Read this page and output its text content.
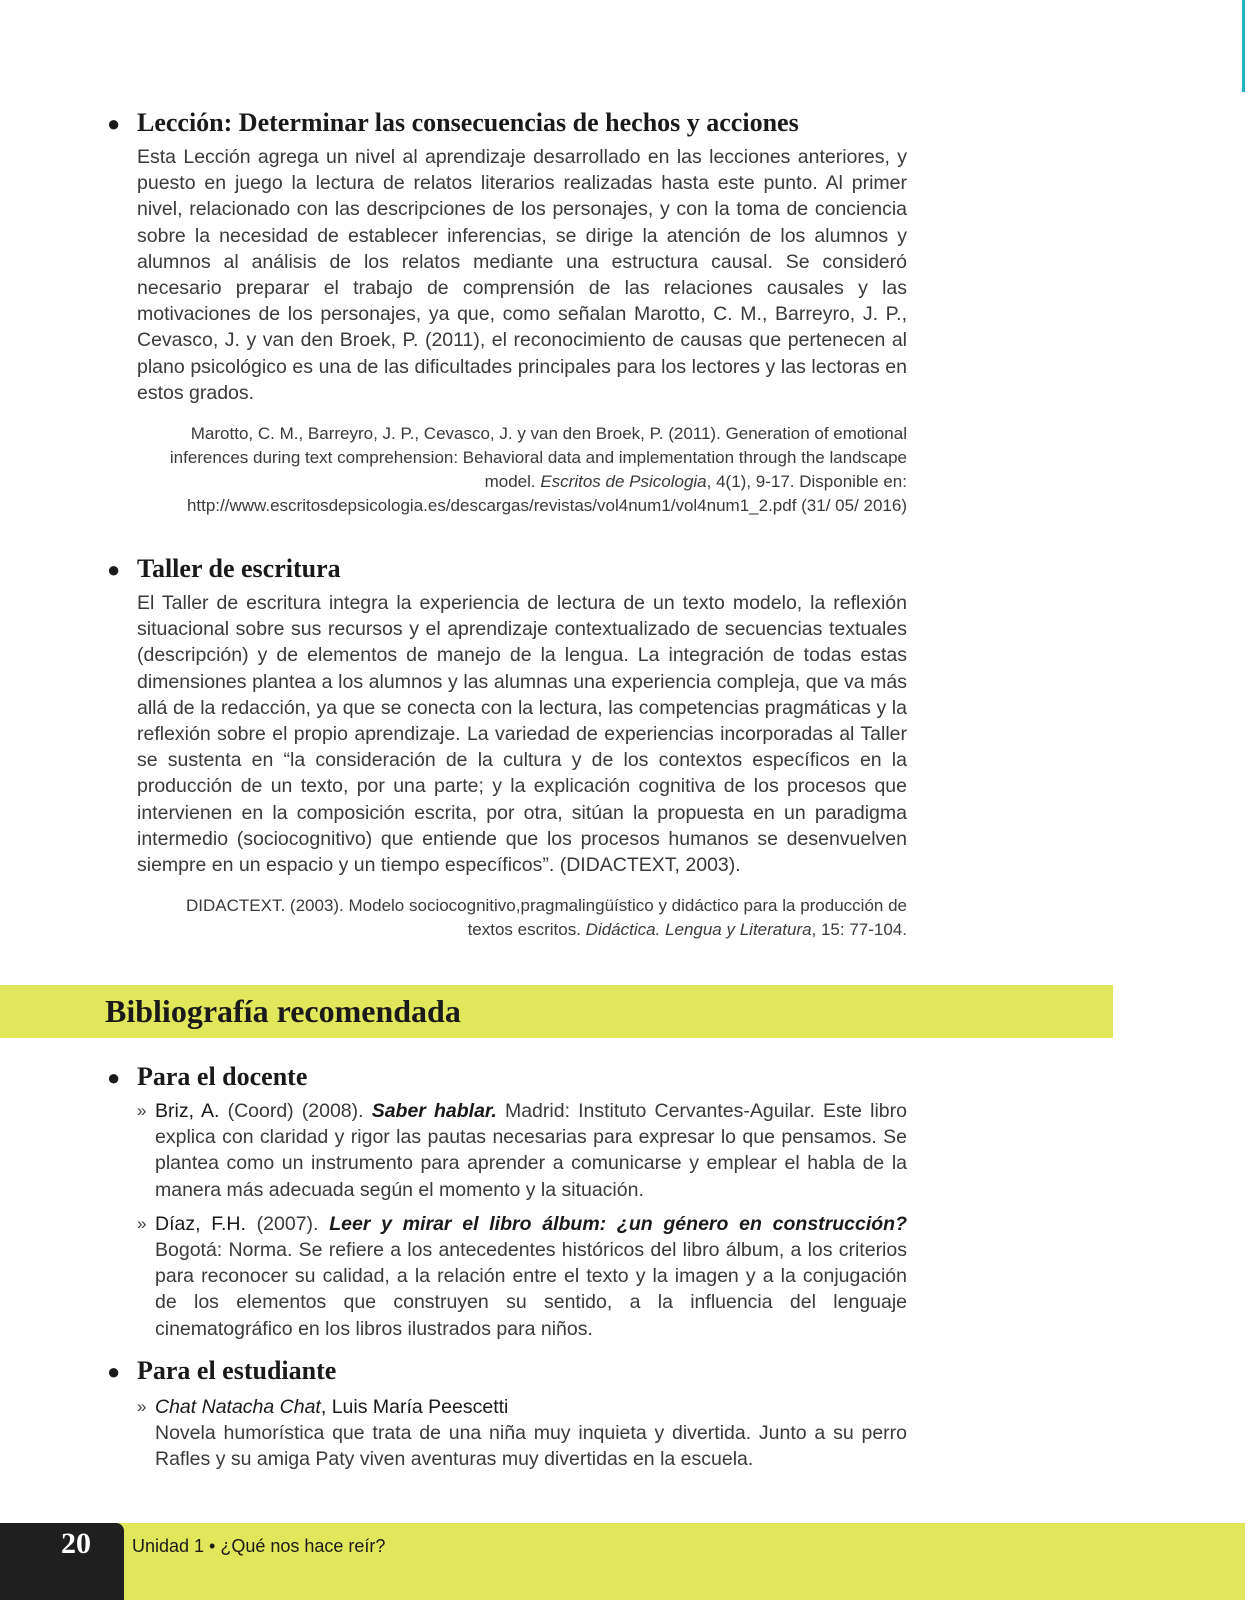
● Lección: Determinar las consecuencias de hechos y acciones
Esta Lección agrega un nivel al aprendizaje desarrollado en las lecciones anteriores, y puesto en juego la lectura de relatos literarios realizadas hasta este punto. Al primer nivel, relacionado con las descripciones de los personajes, y con la toma de conciencia sobre la necesidad de establecer inferencias, se dirige la atención de los alumnos y alumnos al análisis de los relatos mediante una estructura causal. Se consideró necesario preparar el trabajo de comprensión de las relaciones causales y las motivaciones de los personajes, ya que, como señalan Marotto, C. M., Barreyro, J. P., Cevasco, J. y van den Broek, P. (2011), el reconocimiento de causas que pertenecen al plano psicológico es una de las dificultades principales para los lectores y las lectoras en estos grados.
Marotto, C. M., Barreyro, J. P., Cevasco, J. y van den Broek, P. (2011). Generation of emotional inferences during text comprehension: Behavioral data and implementation through the landscape model. Escritos de Psicologia, 4(1), 9-17. Disponible en: http://www.escritosdepsicologia.es/descargas/revistas/vol4num1/vol4num1_2.pdf (31/ 05/ 2016)
● Taller de escritura
El Taller de escritura integra la experiencia de lectura de un texto modelo, la reflexión situacional sobre sus recursos y el aprendizaje contextualizado de secuencias textuales (descripción) y de elementos de manejo de la lengua. La integración de todas estas dimensiones plantea a los alumnos y las alumnas una experiencia compleja, que va más allá de la redacción, ya que se conecta con la lectura, las competencias pragmáticas y la reflexión sobre el propio aprendizaje. La variedad de experiencias incorporadas al Taller se sustenta en “la consideración de la cultura y de los contextos específicos en la producción de un texto, por una parte; y la explicación cognitiva de los procesos que intervienen en la composición escrita, por otra, sitúan la propuesta en un paradigma intermedio (sociocognitivo) que entiende que los procesos humanos se desenvuelven siempre en un espacio y un tiempo específicos”. (DIDACTEXT, 2003).
DIDACTEXT. (2003). Modelo sociocognitivo,pragmalingüístico y didáctico para la producción de textos escritos. Didáctica. Lengua y Literatura, 15: 77-104.
Bibliografía recomendada
● Para el docente
» Briz, A. (Coord) (2008). Saber hablar. Madrid: Instituto Cervantes-Aguilar. Este libro explica con claridad y rigor las pautas necesarias para expresar lo que pensamos. Se plantea como un instrumento para aprender a comunicarse y emplear el habla de la manera más adecuada según el momento y la situación.
» Díaz, F.H. (2007). Leer y mirar el libro álbum: ¿un género en construcción? Bogotá: Norma. Se refiere a los antecedentes históricos del libro álbum, a los criterios para reconocer su calidad, a la relación entre el texto y la imagen y a la conjugación de los elementos que construyen su sentido, a la influencia del lenguaje cinematográfico en los libros ilustrados para niños.
● Para el estudiante
» Chat Natacha Chat, Luis María Peescetti
Novela humorística que trata de una niña muy inquieta y divertida. Junto a su perro Rafles y su amiga Paty viven aventuras muy divertidas en la escuela.
20	Unidad 1 • ¿Qué nos hace reír?
